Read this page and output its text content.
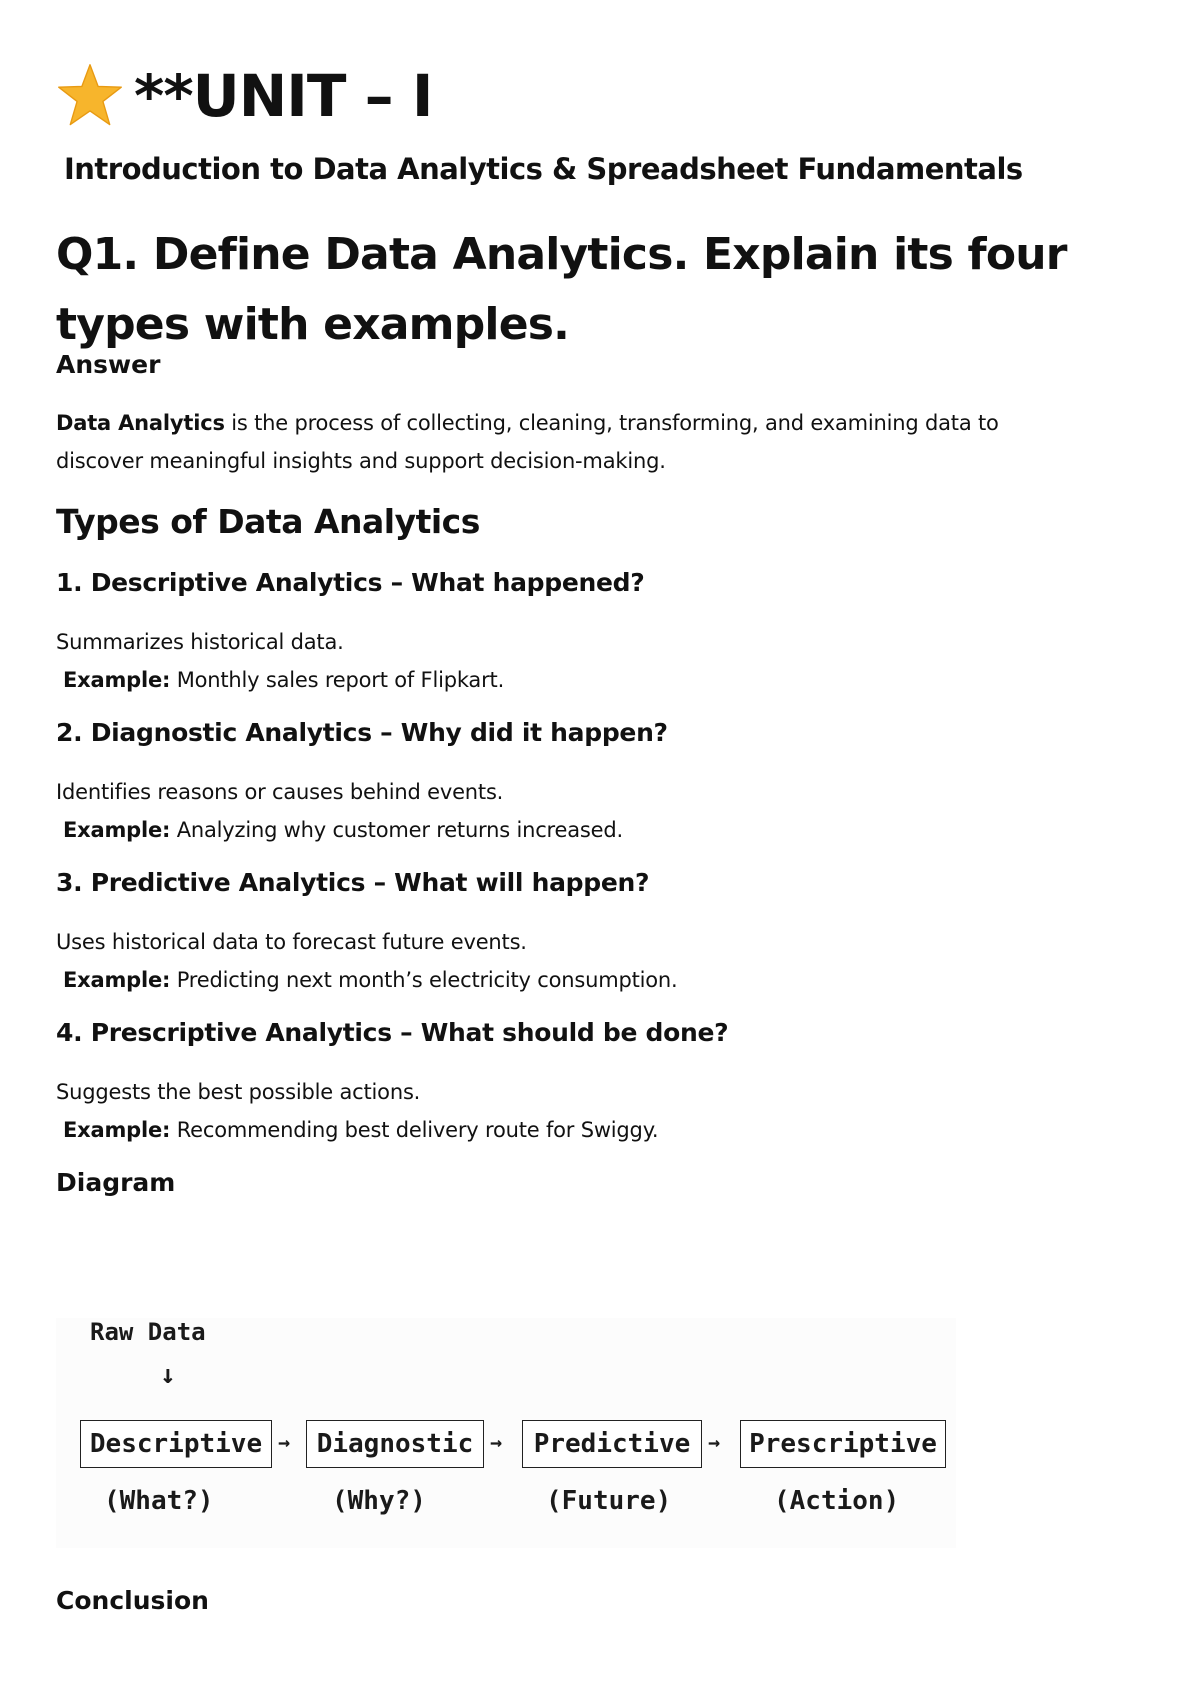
**UNIT – I
Introduction to Data Analytics & Spreadsheet Fundamentals
Q1. Define Data Analytics. Explain its four types with examples.
Answer
Data Analytics is the process of collecting, cleaning, transforming, and examining data to
discover meaningful insights and support decision-making.
Types of Data Analytics
1. Descriptive Analytics – What happened?
Summarizes historical data.
Example: Monthly sales report of Flipkart.
2. Diagnostic Analytics – Why did it happen?
Identifies reasons or causes behind events.
Example: Analyzing why customer returns increased.
3. Predictive Analytics – What will happen?
Uses historical data to forecast future events.
Example: Predicting next month’s electricity consumption.
4. Prescriptive Analytics – What should be done?
Suggests the best possible actions.
Example: Recommending best delivery route for Swiggy.
Diagram
Raw Data
↓
Descriptive →	Diagnostic →	Predictive →	Prescriptive
(What?)	(Why?)	(Future)	(Action)
Conclusion
